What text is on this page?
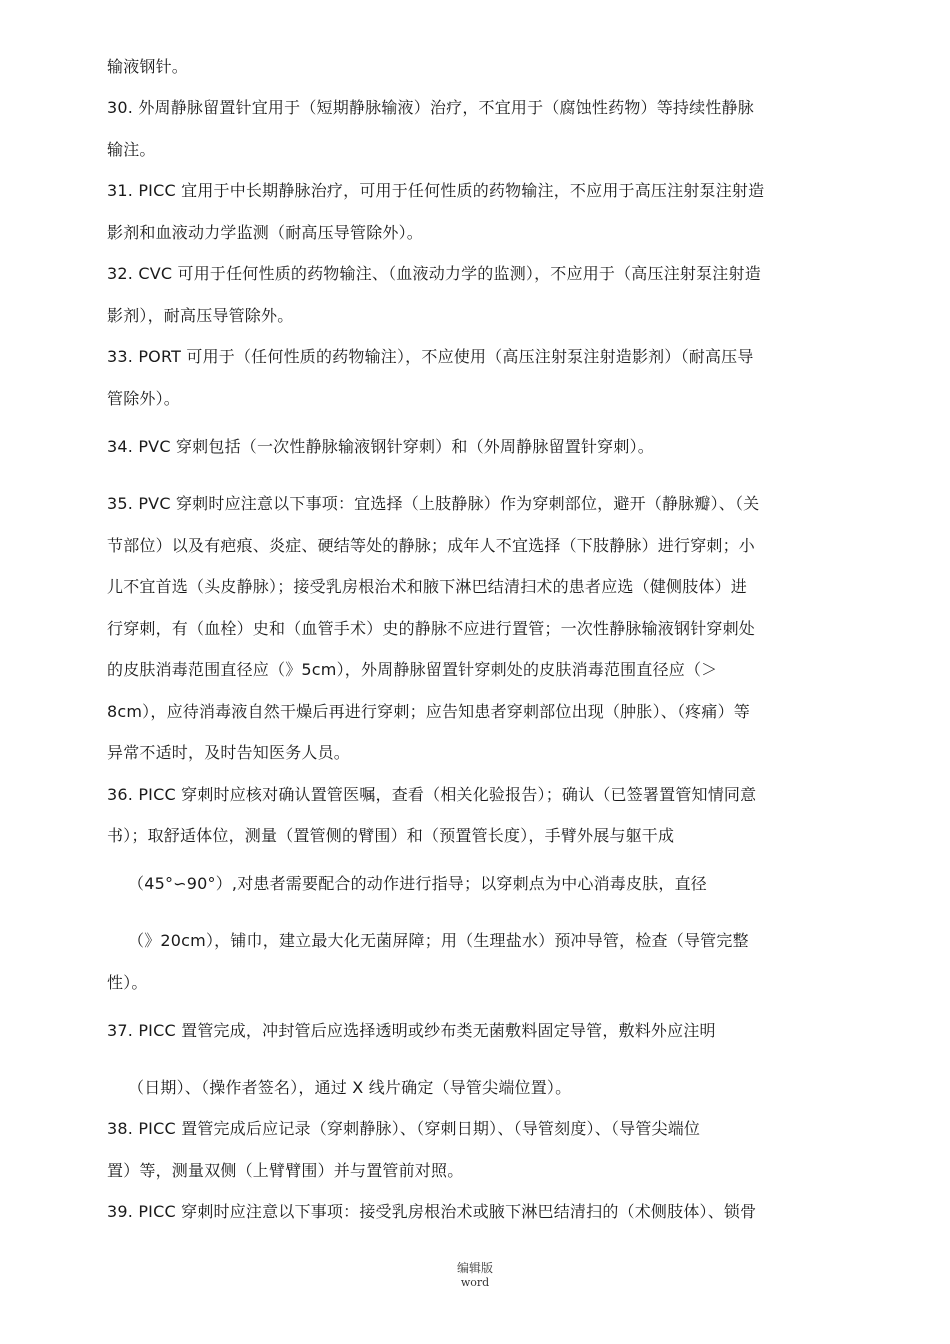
输液钢针。
30. 外周静脉留置针宜用于（短期静脉输液）治疗，不宜用于（腐蚀性药物）等持续性静脉
输注。
31. PICC 宜用于中长期静脉治疗，可用于任何性质的药物输注，不应用于高压注射泵注射造
影剂和血液动力学监测（耐高压导管除外）。
32. CVC 可用于任何性质的药物输注、（血液动力学的监测），不应用于（高压注射泵注射造
影剂），耐高压导管除外。
33. PORT 可用于（任何性质的药物输注），不应使用（高压注射泵注射造影剂）（耐高压导
管除外）。
34. PVC 穿刺包括（一次性静脉输液钢针穿刺）和（外周静脉留置针穿刺）。
35. PVC 穿刺时应注意以下事项：宜选择（上肢静脉）作为穿刺部位，避开（静脉瓣）、（关
节部位）以及有疤痕、炎症、硬结等处的静脉；成年人不宜选择（下肢静脉）进行穿刺；小
儿不宜首选（头皮静脉）；接受乳房根治术和腋下淋巴结清扫术的患者应选（健侧肢体）进
行穿刺，有（血栓）史和（血管手术）史的静脉不应进行置管；一次性静脉输液钢针穿刺处
的皮肤消毒范围直径应（》5cm），外周静脉留置针穿刺处的皮肤消毒范围直径应（＞
8cm），应待消毒液自然干燥后再进行穿刺；应告知患者穿刺部位出现（肿胀）、（疼痛）等
异常不适时，及时告知医务人员。
36. PICC 穿刺时应核对确认置管医嘱，查看（相关化验报告）；确认（已签署置管知情同意
书）；取舒适体位，测量（置管侧的臂围）和（预置管长度），手臂外展与躯干成
（45°∽90°）,对患者需要配合的动作进行指导；以穿刺点为中心消毒皮肤，直径
（》20cm），铺巾，建立最大化无菌屏障；用（生理盐水）预冲导管，检查（导管完整
性）。
37. PICC 置管完成，冲封管后应选择透明或纱布类无菌敷料固定导管，敷料外应注明
（日期）、（操作者签名），通过 X 线片确定（导管尖端位置）。
38. PICC 置管完成后应记录（穿刺静脉）、（穿刺日期）、（导管刻度）、（导管尖端位
置）等，测量双侧（上臂臂围）并与置管前对照。
39. PICC 穿刺时应注意以下事项：接受乳房根治术或腋下淋巴结清扫的（术侧肢体）、锁骨
编辑版
word
